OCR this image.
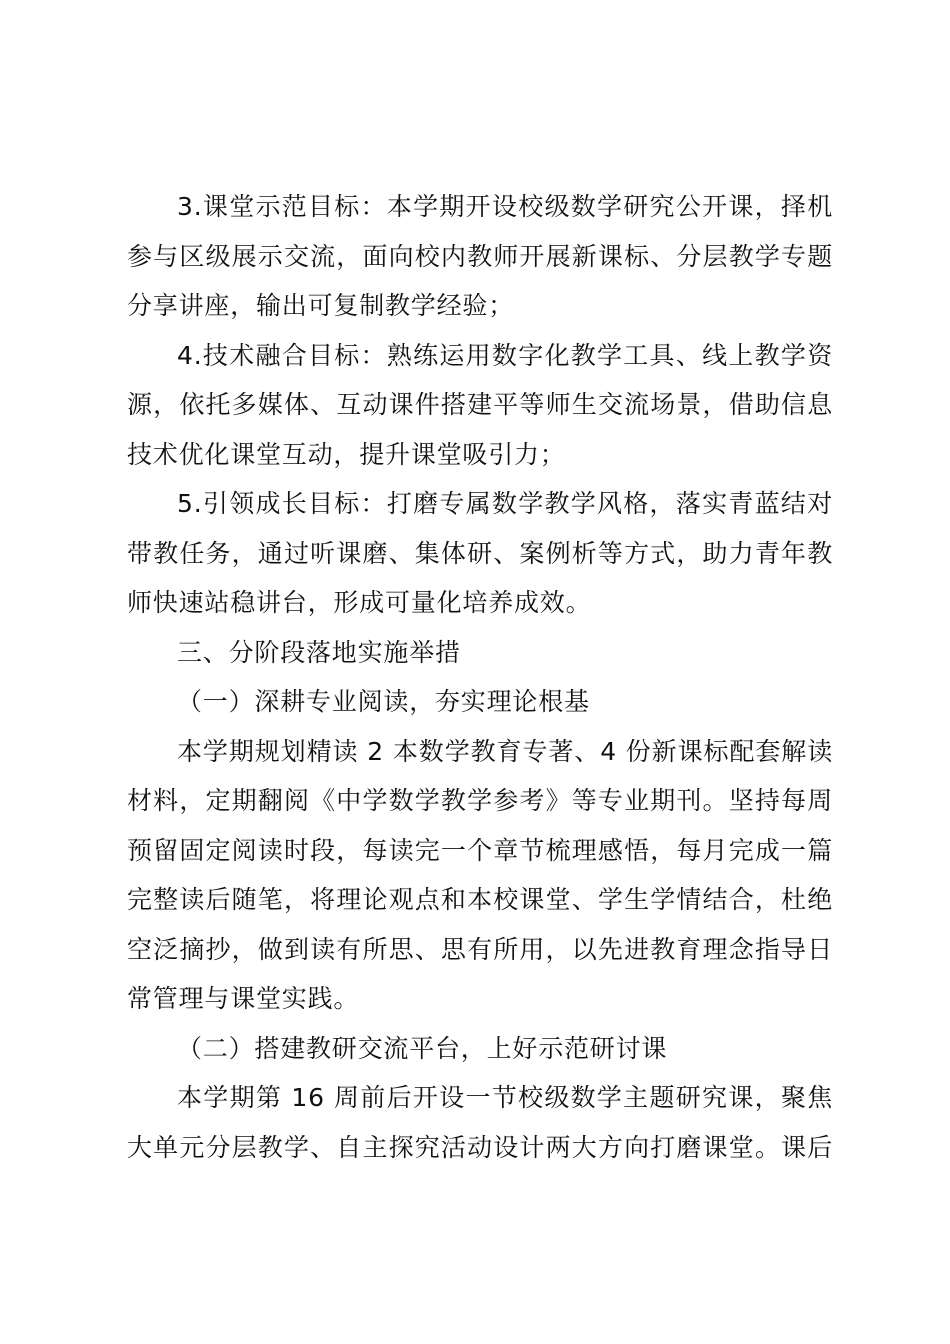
3.课堂示范目标：本学期开设校级数学研究公开课，择机
参与区级展示交流，面向校内教师开展新课标、分层教学专题
分享讲座，输出可复制教学经验；
4.技术融合目标：熟练运用数字化教学工具、线上教学资
源，依托多媒体、互动课件搭建平等师生交流场景，借助信息
技术优化课堂互动，提升课堂吸引力；
5.引领成长目标：打磨专属数学教学风格，落实青蓝结对
带教任务，通过听课磨、集体研、案例析等方式，助力青年教
师快速站稳讲台，形成可量化培养成效。
三、分阶段落地实施举措
（一）深耕专业阅读，夯实理论根基
本学期规划精读 2 本数学教育专著、4 份新课标配套解读
材料，定期翻阅《中学数学教学参考》等专业期刊。坚持每周
预留固定阅读时段，每读完一个章节梳理感悟，每月完成一篇
完整读后随笔，将理论观点和本校课堂、学生学情结合，杜绝
空泛摘抄，做到读有所思、思有所用，以先进教育理念指导日
常管理与课堂实践。
（二）搭建教研交流平台，上好示范研讨课
本学期第 16 周前后开设一节校级数学主题研究课，聚焦
大单元分层教学、自主探究活动设计两大方向打磨课堂。课后
